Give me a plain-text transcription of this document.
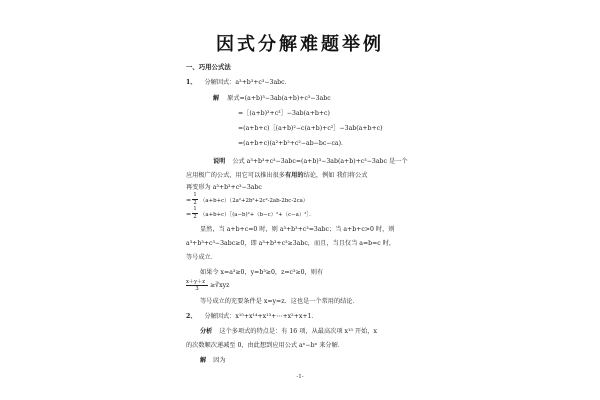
因式分解难题举例
一、巧用公式法
1、 分解因式：a³+b³+c³−3abc．
解 原式=(a+b)³−3ab(a+b)+c³−3abc
=［(a+b)³+c³］−3ab(a+b+c)
=(a+b+c)［(a+b)²−c(a+b)+c²］−3ab(a+b+c)
=(a+b+c)(a²+b²+c²−ab−bc−ca)．
说明 公式 a³+b³+c³−3abc=(a+b)³−3ab(a+b)+c³−3abc 是一个
应用极广的公式，用它可以推出很多有用的结论，例如 我们将公式
再变形为 a³+b³+c³−3abc
=
1
2 （a+b+c）（2a²+2b²+2c²-2ab-2bc-2ca）
=
1
2 （a+b+c）［(a−b)²+（b−c）²+（c−a）²］．
显然，当 a+b+c=0 时，则 a³+b³+c³=3abc；当 a+b+c>0 时，则
a³+b³+c³−3abc≥0，即 a³+b³+c³≥3abc，而且，当且仅当 a=b=c 时，
等号成立．
如果令 x=a³≥0，y=b³≥0，z=c³≥0，则有
x＋y＋z
3	≥∛xyz
等号成立的充要条件是 x=y=z．这也是一个常用的结论．
2、 分解因式：x¹⁵+x¹⁴+x¹³+⋯+x²+x+1．
分析 这个多项式的特点是：有 16 项，从最高次项 x¹⁵ 开始，x
的次数顺次递减至 0，由此想到应用公式 aⁿ−bⁿ 来分解．
解 因为
-1-
